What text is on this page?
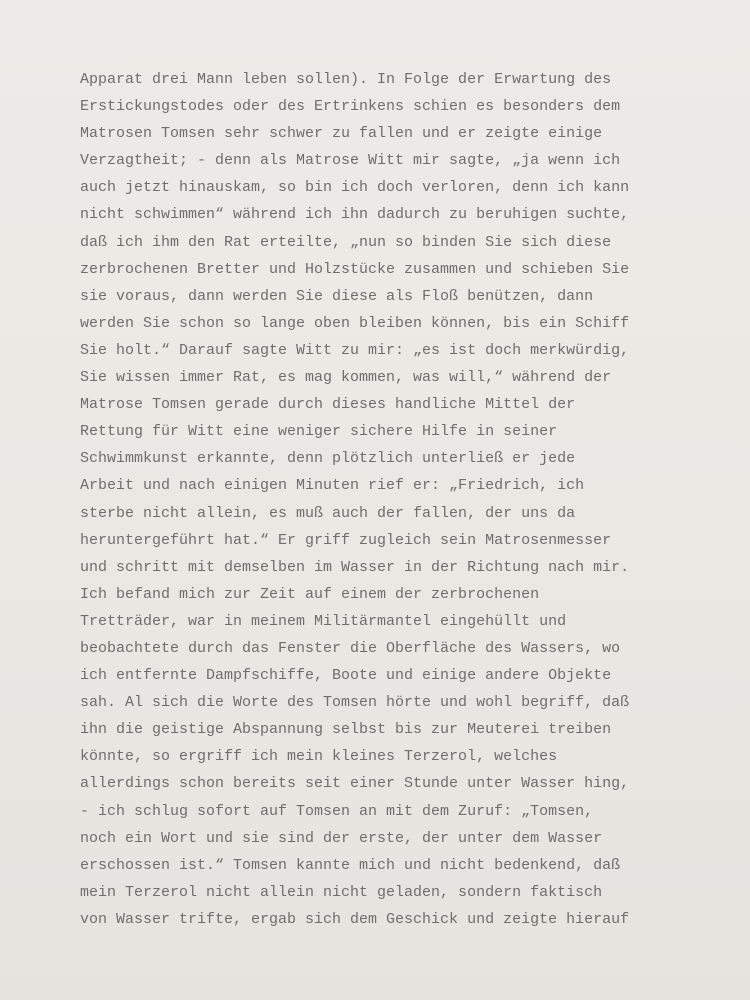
Apparat drei Mann leben sollen). In Folge der Erwartung des
Erstickungstodes oder des Ertrinkens schien es besonders dem
Matrosen Tomsen sehr schwer zu fallen und er zeigte einige
Verzagtheit; - denn als Matrose Witt mir sagte, „ja wenn ich
auch jetzt hinauskam, so bin ich doch verloren, denn ich kann
nicht schwimmen“ während ich ihn dadurch zu beruhigen suchte,
daß ich ihm den Rat erteilte, „nun so binden Sie sich diese
zerbrochenen Bretter und Holzstücke zusammen und schieben Sie
sie voraus, dann werden Sie diese als Floß benützen, dann
werden Sie schon so lange oben bleiben können, bis ein Schiff
Sie holt.“ Darauf sagte Witt zu mir: „es ist doch merkwürdig,
Sie wissen immer Rat, es mag kommen, was will,“ während der
Matrose Tomsen gerade durch dieses handliche Mittel der
Rettung für Witt eine weniger sichere Hilfe in seiner
Schwimmkunst erkannte, denn plötzlich unterließ er jede
Arbeit und nach einigen Minuten rief er: „Friedrich, ich
sterbe nicht allein, es muß auch der fallen, der uns da
heruntergeführt hat.“ Er griff zugleich sein Matrosenmesser
und schritt mit demselben im Wasser in der Richtung nach mir.
Ich befand mich zur Zeit auf einem der zerbrochenen
Tretträder, war in meinem Militärmantel eingehüllt und
beobachtete durch das Fenster die Oberfläche des Wassers, wo
ich entfernte Dampfschiffe, Boote und einige andere Objekte
sah. Al sich die Worte des Tomsen hörte und wohl begriff, daß
ihn die geistige Abspannung selbst bis zur Meuterei treiben
könnte, so ergriff ich mein kleines Terzerol, welches
allerdings schon bereits seit einer Stunde unter Wasser hing,
- ich schlug sofort auf Tomsen an mit dem Zuruf: „Tomsen,
noch ein Wort und sie sind der erste, der unter dem Wasser
erschossen ist.“ Tomsen kannte mich und nicht bedenkend, daß
mein Terzerol nicht allein nicht geladen, sondern faktisch
von Wasser trifte, ergab sich dem Geschick und zeigte hierauf
